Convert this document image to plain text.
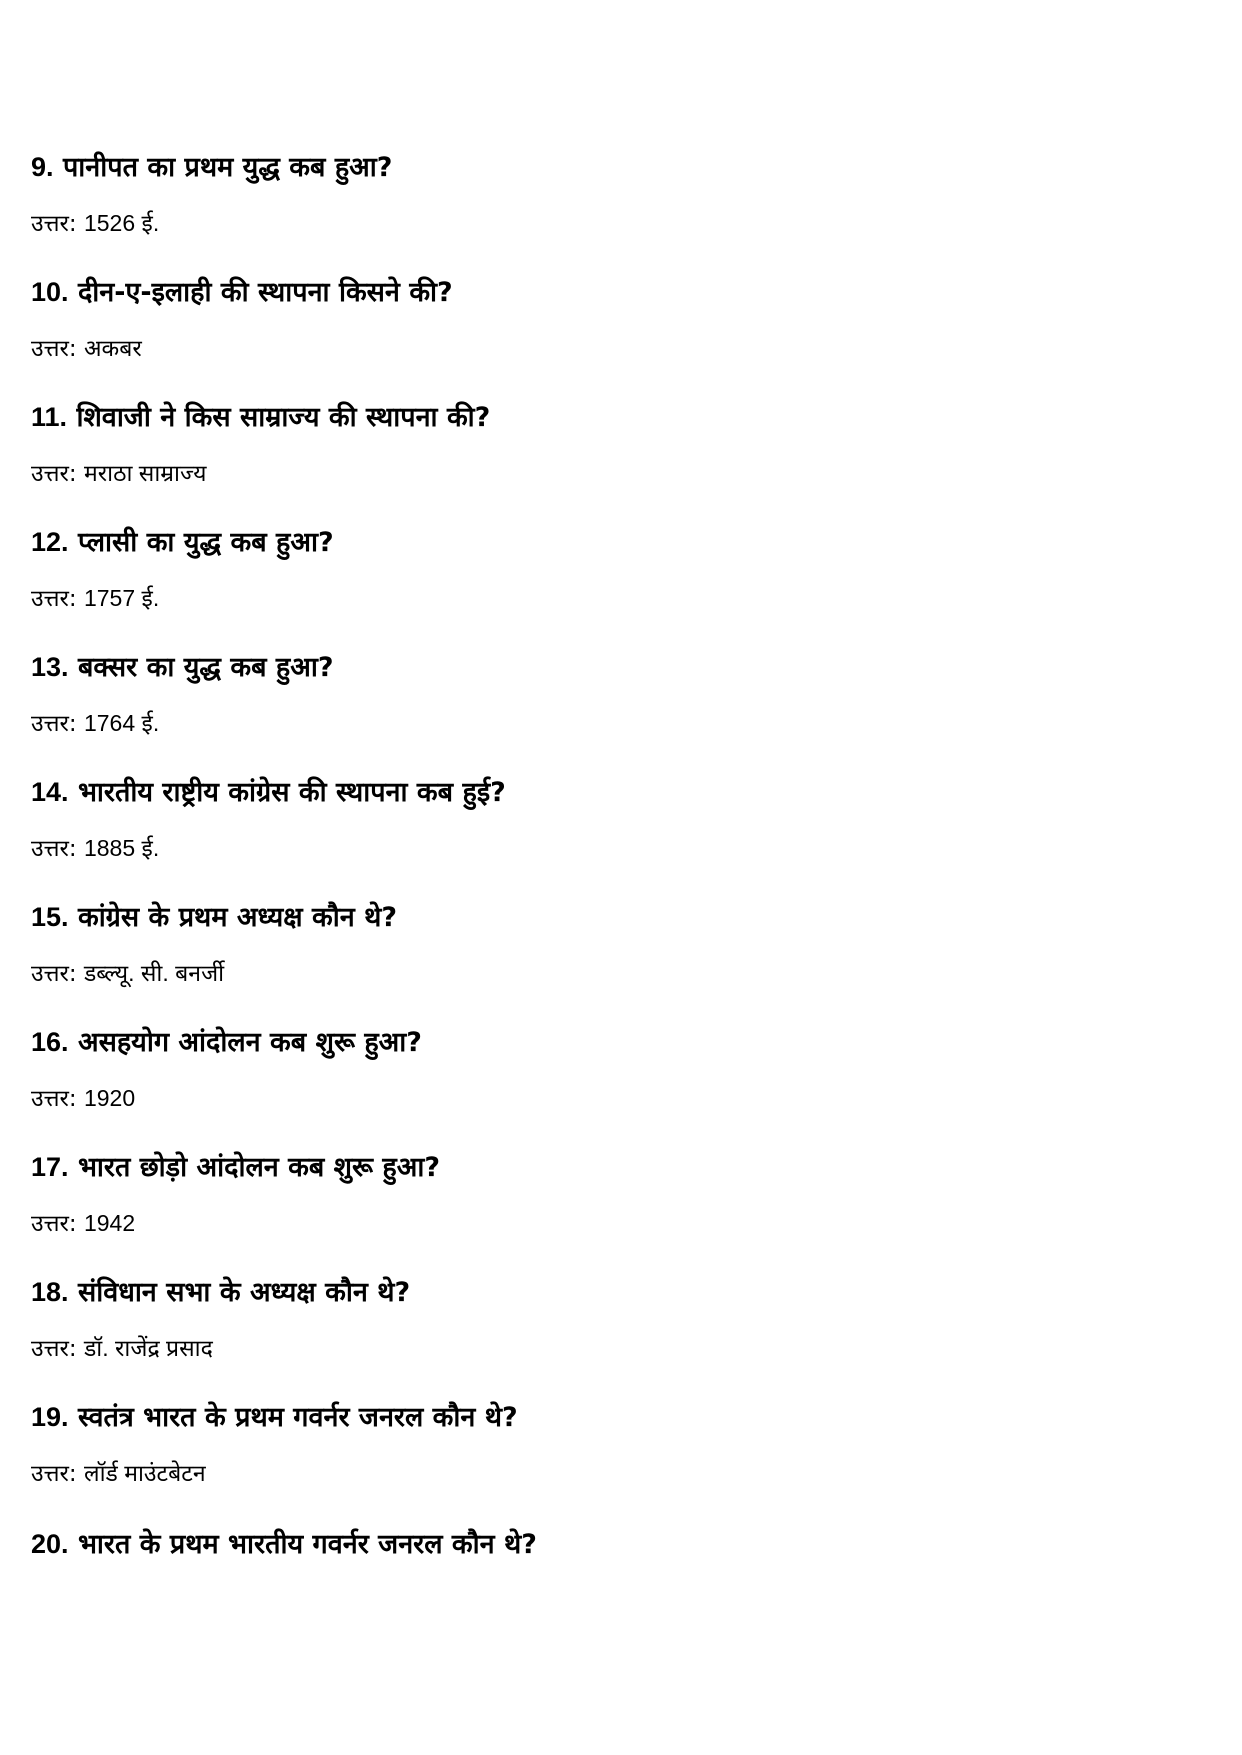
9. पानीपत का प्रथम युद्ध कब हुआ?
उत्तर: 1526 ई.
10. दीन-ए-इलाही की स्थापना किसने की?
उत्तर: अकबर
11. शिवाजी ने किस साम्राज्य की स्थापना की?
उत्तर: मराठा साम्राज्य
12. प्लासी का युद्ध कब हुआ?
उत्तर: 1757 ई.
13. बक्सर का युद्ध कब हुआ?
उत्तर: 1764 ई.
14. भारतीय राष्ट्रीय कांग्रेस की स्थापना कब हुई?
उत्तर: 1885 ई.
15. कांग्रेस के प्रथम अध्यक्ष कौन थे?
उत्तर: डब्ल्यू. सी. बनर्जी
16. असहयोग आंदोलन कब शुरू हुआ?
उत्तर: 1920
17. भारत छोड़ो आंदोलन कब शुरू हुआ?
उत्तर: 1942
18. संविधान सभा के अध्यक्ष कौन थे?
उत्तर: डॉ. राजेंद्र प्रसाद
19. स्वतंत्र भारत के प्रथम गवर्नर जनरल कौन थे?
उत्तर: लॉर्ड माउंटबेटन
20. भारत के प्रथम भारतीय गवर्नर जनरल कौन थे?
